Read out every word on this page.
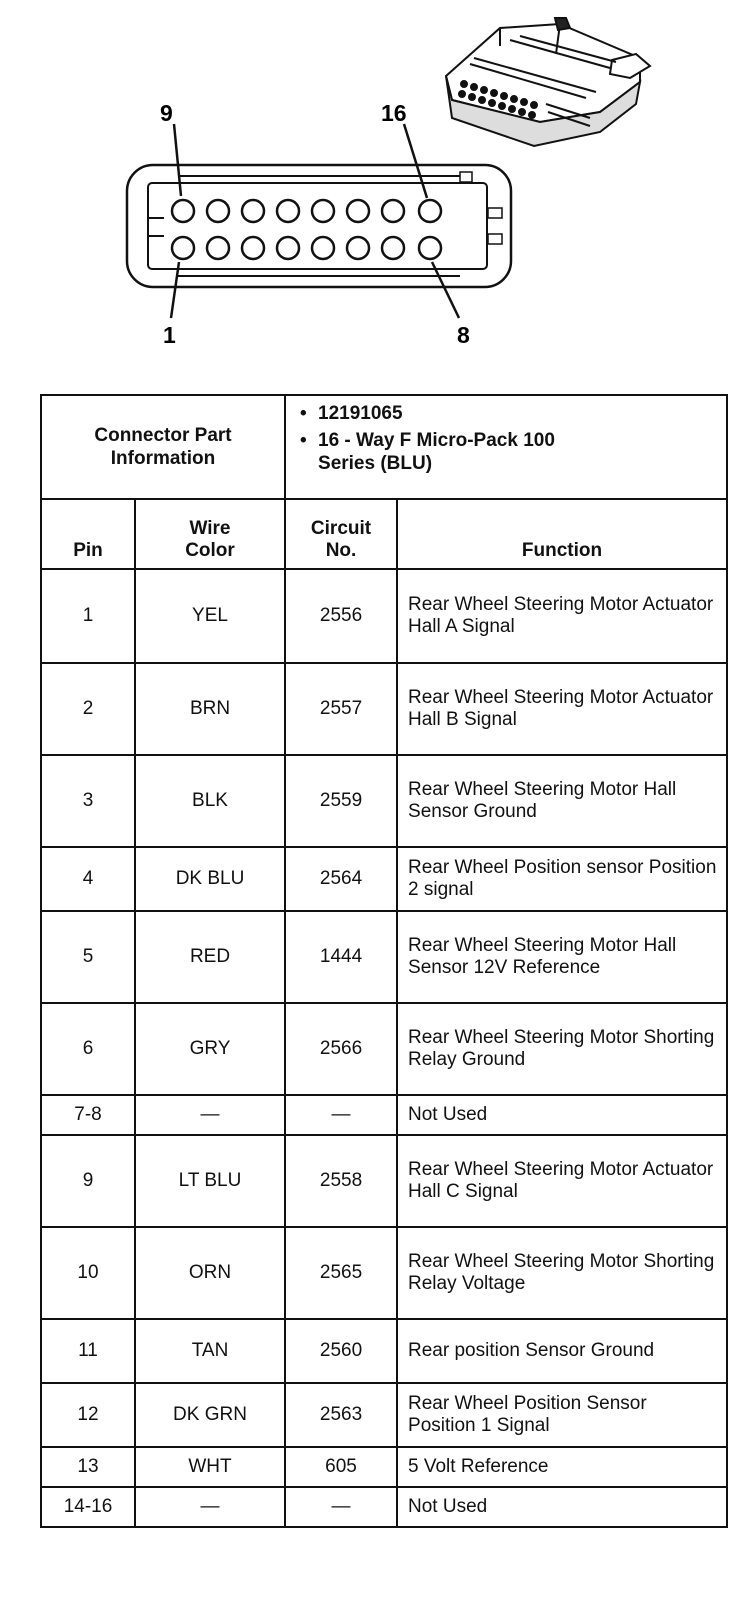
9	16
1	8
Connector Part Information		• 12191065
• 16 - Way F Micro-Pack 100 Series (BLU)	

Pin	Wire Color	Circuit No.	Function
1	YEL	2556	Rear Wheel Steering Motor Actuator Hall A Signal
2	BRN	2557	Rear Wheel Steering Motor Actuator Hall B Signal
3	BLK	2559	Rear Wheel Steering Motor Hall Sensor Ground
4	DK BLU	2564	Rear Wheel Position sensor Position 2 signal
5	RED	1444	Rear Wheel Steering Motor Hall Sensor 12V Reference
6	GRY	2566	Rear Wheel Steering Motor Shorting Relay Ground
7-8	—	—	Not Used
9	LT BLU	2558	Rear Wheel Steering Motor Actuator Hall C Signal
10	ORN	2565	Rear Wheel Steering Motor Shorting Relay Voltage
11	TAN	2560	Rear position Sensor Ground
12	DK GRN	2563	Rear Wheel Position Sensor Position 1 Signal
13	WHT	605	5 Volt Reference
14-16	—	—	Not Used
